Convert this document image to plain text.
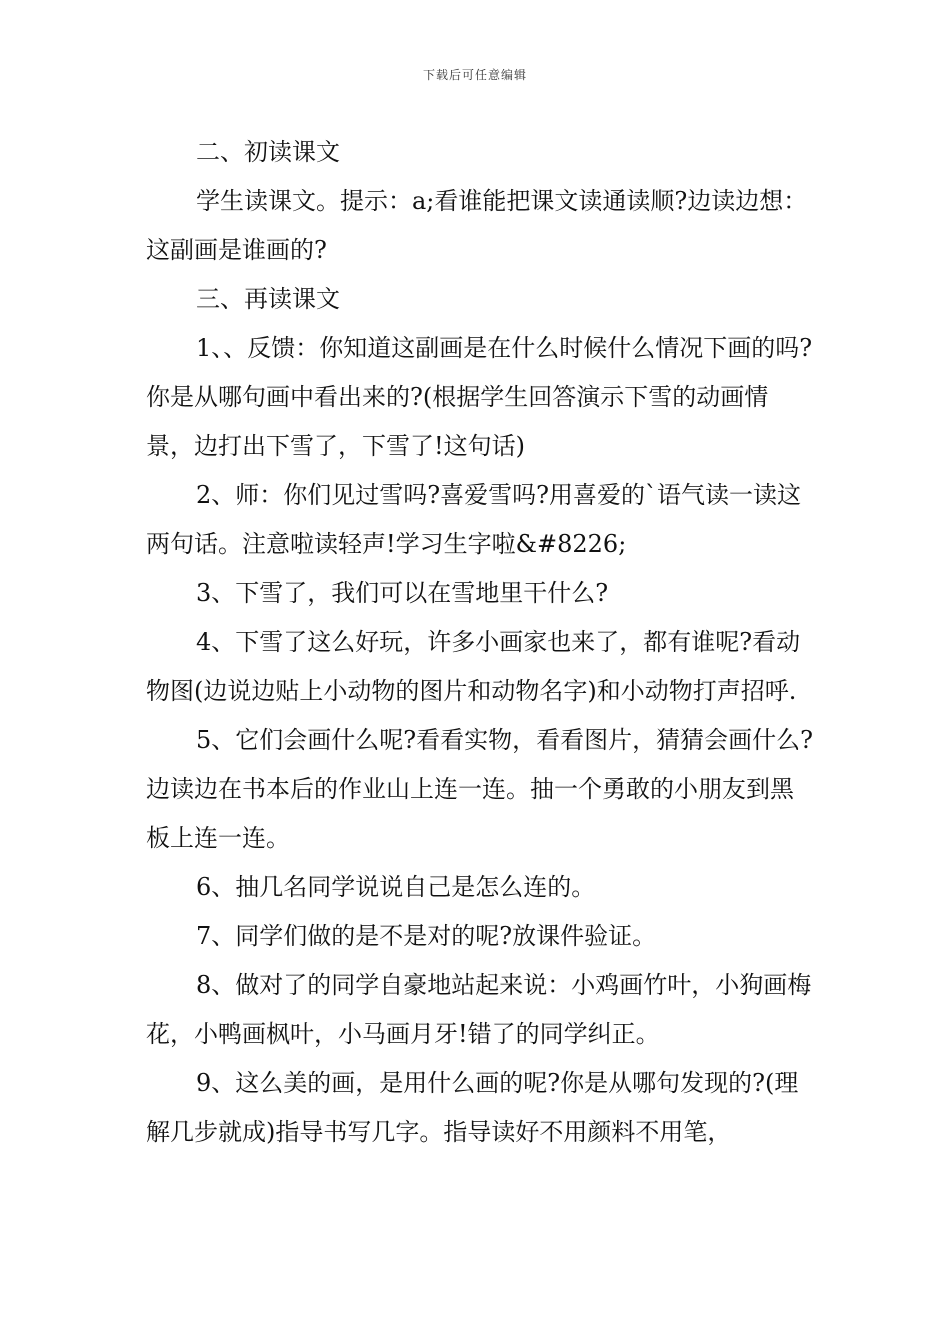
下载后可任意编辑

二、初读课文

学生读课文。提示：a;看谁能把课文读通读顺?边读边想：这副画是谁画的?

三、再读课文

1、、反馈：你知道这副画是在什么时候什么情况下画的吗?你是从哪句画中看出来的?(根据学生回答演示下雪的动画情景，边打出下雪了，下雪了!这句话)

2、师：你们见过雪吗?喜爱雪吗?用喜爱的`语气读一读这两句话。注意啦读轻声!学习生字啦&#8226;

3、下雪了，我们可以在雪地里干什么?

4、下雪了这么好玩，许多小画家也来了，都有谁呢?看动物图(边说边贴上小动物的图片和动物名字)和小动物打声招呼.

5、它们会画什么呢?看看实物，看看图片，猜猜会画什么?边读边在书本后的作业山上连一连。抽一个勇敢的小朋友到黑板上连一连。

6、抽几名同学说说自己是怎么连的。

7、同学们做的是不是对的呢?放课件验证。

8、做对了的同学自豪地站起来说：小鸡画竹叶，小狗画梅花，小鸭画枫叶，小马画月牙!错了的同学纠正。

9、这么美的画，是用什么画的呢?你是从哪句发现的?(理解几步就成)指导书写几字。指导读好不用颜料不用笔，
